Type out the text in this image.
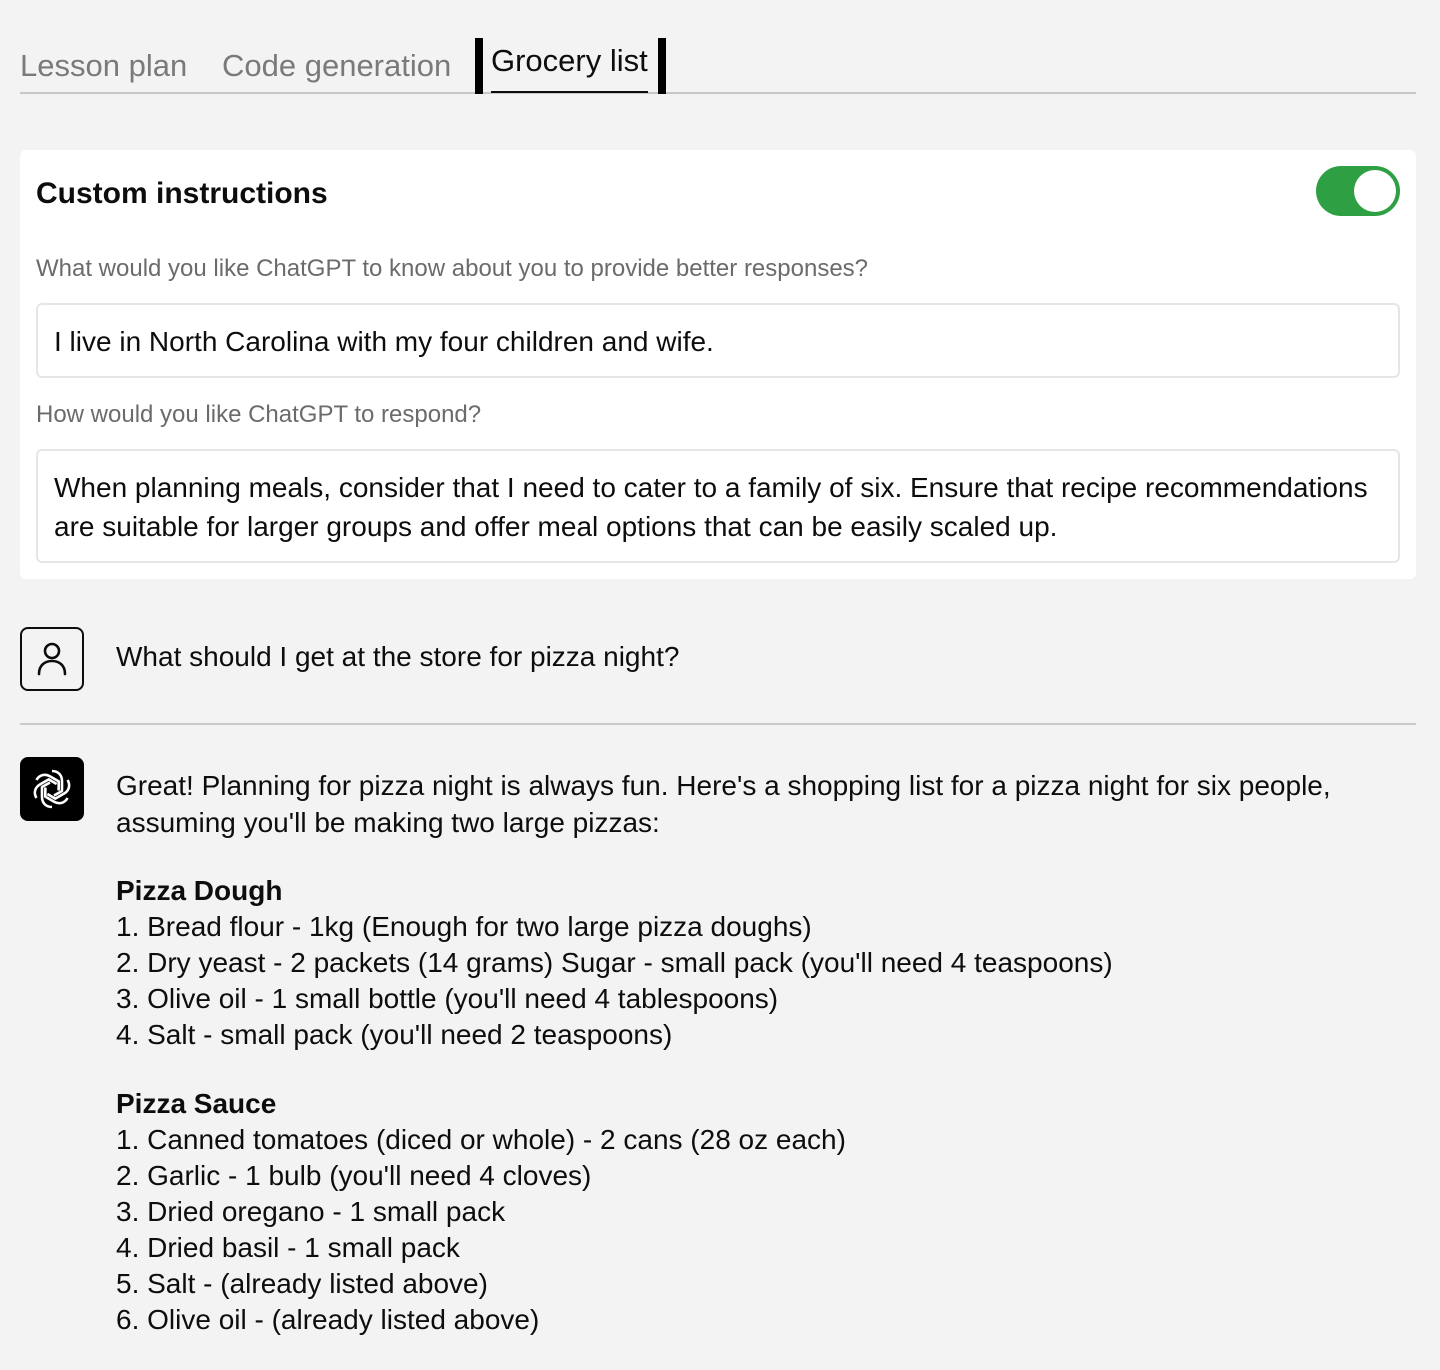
Lesson plan Code generation	Grocery list
Custom instructions
What would you like ChatGPT to know about you to provide better responses?
I live in North Carolina with my four children and wife.
How would you like ChatGPT to respond?
When planning meals, consider that I need to cater to a family of six. Ensure that recipe recommendations are suitable for larger groups and offer meal options that can be easily scaled up.
What should I get at the store for pizza night?
Great! Planning for pizza night is always fun. Here's a shopping list for a pizza night for six people, assuming you'll be making two large pizzas:
Pizza Dough
1. Bread flour - 1kg (Enough for two large pizza doughs)
2. Dry yeast - 2 packets (14 grams) Sugar - small pack (you'll need 4 teaspoons)
3. Olive oil - 1 small bottle (you'll need 4 tablespoons)
4. Salt - small pack (you'll need 2 teaspoons)
Pizza Sauce
1. Canned tomatoes (diced or whole) - 2 cans (28 oz each)
2. Garlic - 1 bulb (you'll need 4 cloves)
3. Dried oregano - 1 small pack
4. Dried basil - 1 small pack
5. Salt - (already listed above)
6. Olive oil - (already listed above)
